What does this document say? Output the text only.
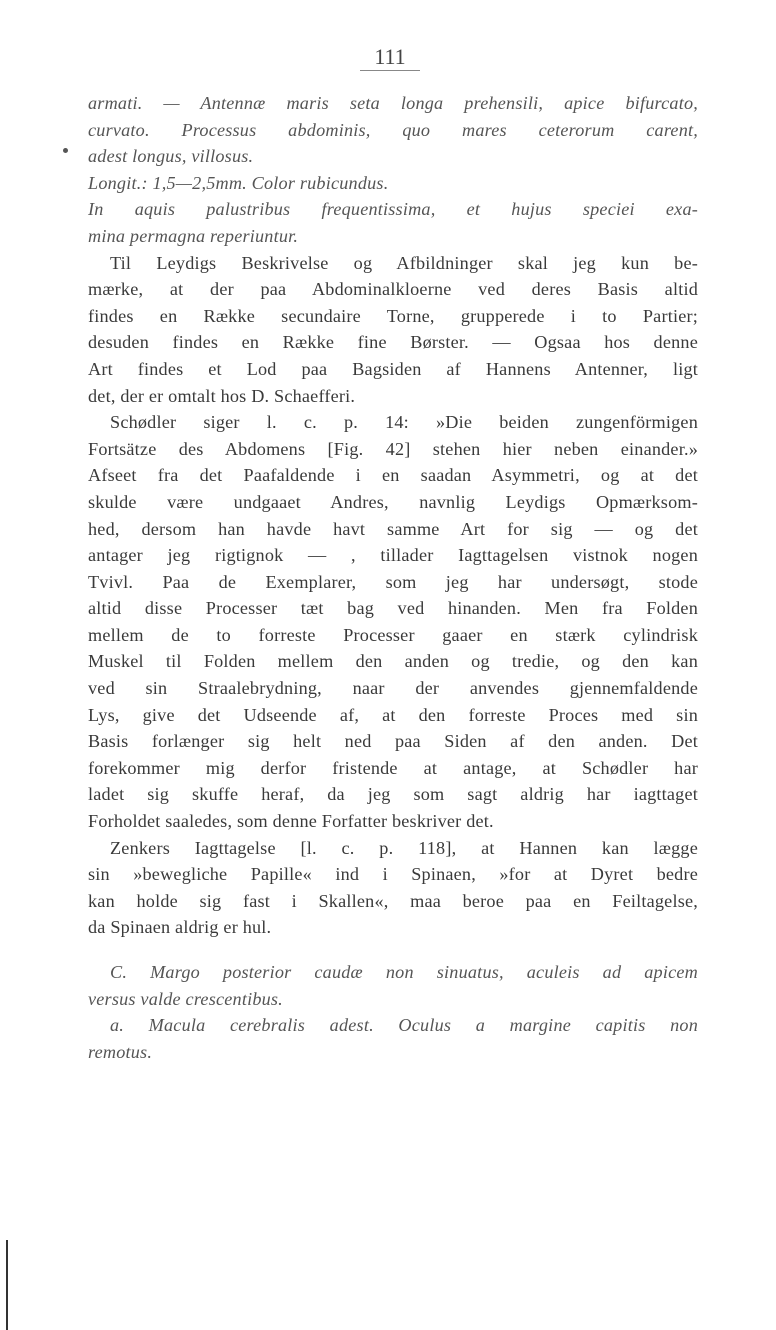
111
armati. — Antennæ maris seta longa prehensili, apice bifurcato,
curvato. Processus abdominis, quo mares ceterorum carent,
adest longus, villosus.
Longit.: 1,5—2,5mm. Color rubicundus.
In aquis palustribus frequentissima, et hujus speciei exa-
mina permagna reperiuntur.
Til Leydigs Beskrivelse og Afbildninger skal jeg kun be-
mærke, at der paa Abdominalkloerne ved deres Basis altid
findes en Række secundaire Torne, grupperede i to Partier;
desuden findes en Række fine Børster. — Ogsaa hos denne
Art findes et Lod paa Bagsiden af Hannens Antenner, ligt
det, der er omtalt hos D. Schaefferi.
Schødler siger l. c. p. 14: »Die beiden zungenförmigen
Fortsätze des Abdomens [Fig. 42] stehen hier neben einander.»
Afseet fra det Paafaldende i en saadan Asymmetri, og at det
skulde være undgaaet Andres, navnlig Leydigs Opmærksom-
hed, dersom han havde havt samme Art for sig — og det
antager jeg rigtignok — , tillader Iagttagelsen vistnok nogen
Tvivl. Paa de Exemplarer, som jeg har undersøgt, stode
altid disse Processer tæt bag ved hinanden. Men fra Folden
mellem de to forreste Processer gaaer en stærk cylindrisk
Muskel til Folden mellem den anden og tredie, og den kan
ved sin Straalebrydning, naar der anvendes gjennemfaldende
Lys, give det Udseende af, at den forreste Proces med sin
Basis forlænger sig helt ned paa Siden af den anden. Det
forekommer mig derfor fristende at antage, at Schødler har
ladet sig skuffe heraf, da jeg som sagt aldrig har iagttaget
Forholdet saaledes, som denne Forfatter beskriver det.
Zenkers Iagttagelse [l. c. p. 118], at Hannen kan lægge
sin »bewegliche Papille« ind i Spinaen, »for at Dyret bedre
kan holde sig fast i Skallen«, maa beroe paa en Feiltagelse,
da Spinaen aldrig er hul.
C. Margo posterior caudæ non sinuatus, aculeis ad apicem
versus valde crescentibus.
a. Macula cerebralis adest. Oculus a margine capitis non
remotus.
